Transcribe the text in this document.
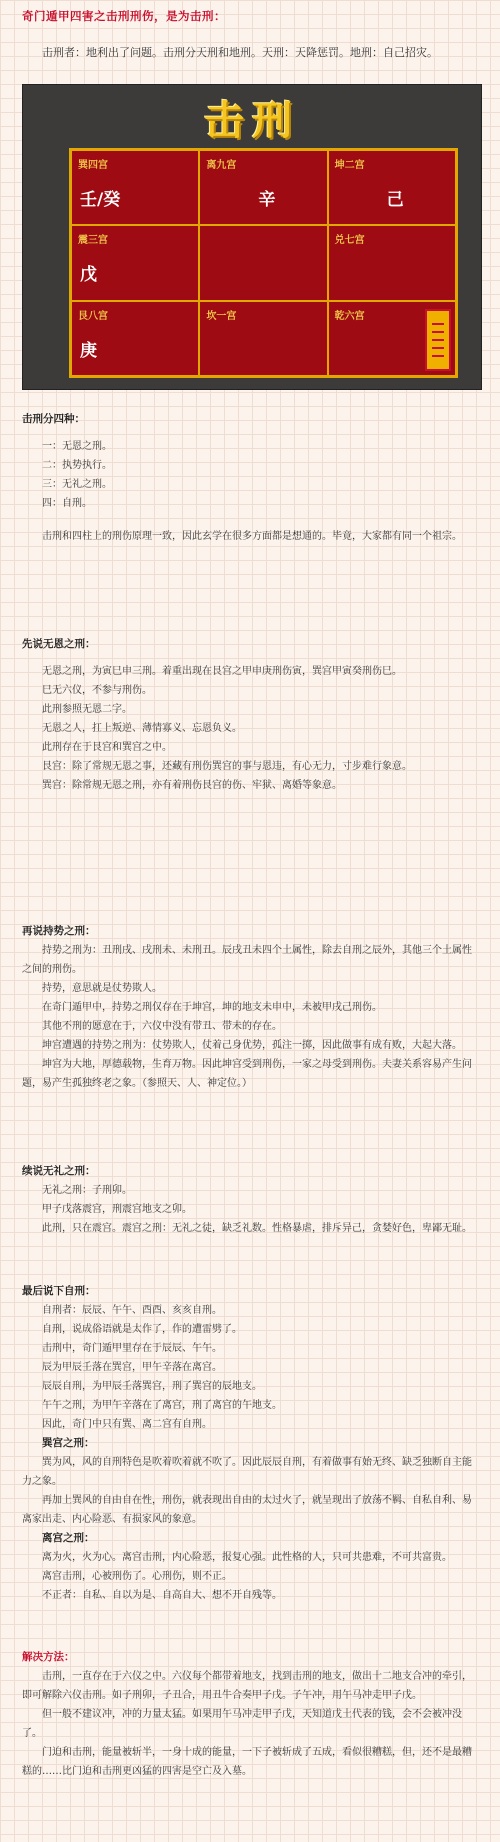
奇门遁甲四害之击刑刑伤，是为击刑：
击刑者：地利出了问题。击刑分天刑和地刑。天刑：天降惩罚。地刑：自己招灾。
击刑
巽四宫
壬/癸
离九宫
辛
坤二宫
己
震三宫
戊
兑七宫
艮八宫
庚
坎一宫	乾六宫

击刑分四种：

一：无恩之刑。

二：执势执行。

三：无礼之刑。

四：自刑。

击刑和四柱上的刑伤原理一致，因此玄学在很多方面都是想通的。毕竟，大家都有同一个祖宗。

先说无恩之刑：

无恩之刑，为寅巳申三刑。着重出现在艮宫之甲申庚刑伤寅，巽宫甲寅癸刑伤巳。

巳无六仪，不参与刑伤。

此刑参照无恩二字。

无恩之人，扛上叛逆、薄情寡义、忘恩负义。

此刑存在于艮宫和巽宫之中。

艮宫：除了常规无恩之事，还藏有刑伤巽宫的事与恩违，有心无力，寸步难行象意。

巽宫：除常规无恩之刑，亦有着刑伤艮宫的伤、牢狱、离婚等象意。

再说持势之刑：

持势之刑为：丑刑戌、戌刑未、未刑丑。辰戌丑未四个土属性，除去自刑之辰外，其他三个土属性之间的刑伤。

持势，意思就是仗势欺人。

在奇门遁甲中，持势之刑仅存在于坤宫，坤的地支未申中，未被甲戌己刑伤。

其他不刑的愿意在于，六仪中没有带丑、带未的存在。

坤宫遭遇的持势之刑为：仗势欺人，仗着己身优势，孤注一掷，因此做事有成有败，大起大落。

坤宫为大地，厚德载物，生育万物。因此坤宫受到刑伤，一家之母受到刑伤。夫妻关系容易产生问题，易产生孤独终老之象。（参照天、人、神定位。）

续说无礼之刑：

无礼之刑：子刑卯。

甲子戊落震宫，刑震宫地支之卯。

此刑，只在震宫。震宫之刑：无礼之徒，缺乏礼数。性格暴虐，排斥异己，贪婪好色，卑鄙无耻。

最后说下自刑：

自刑者：辰辰、午午、酉酉、亥亥自刑。

自刑，说成俗语就是太作了，作的遭雷劈了。

击刑中，奇门遁甲里存在于辰辰、午午。

辰为甲辰壬落在巽宫，甲午辛落在离宫。

辰辰自刑，为甲辰壬落巽宫，刑了巽宫的辰地支。

午午之刑，为甲午辛落在了离宫，刑了离宫的午地支。

因此，奇门中只有巽、离二宫有自刑。

巽宫之刑：

巽为风，风的自刑特色是吹着吹着就不吹了。因此辰辰自刑，有着做事有始无终、缺乏独断自主能力之象。

再加上巽风的自由自在性，刑伤，就表现出自由的太过火了，就呈现出了放荡不羁、自私自利、易离家出走、内心险恶、有损家风的象意。

离宫之刑：

离为火，火为心。离宫击刑，内心险恶，报复心强。此性格的人，只可共患难，不可共富贵。

离宫击刑，心被刑伤了。心刑伤，则不正。

不正者：自私、自以为是、自高自大、想不开自残等。

解决方法：

击刑，一直存在于六仪之中。六仪每个都带着地支，找到击刑的地支，做出十二地支合冲的牵引，即可解除六仪击刑。如子刑卯，子丑合，用丑牛合奏甲子戊。子午冲，用午马冲走甲子戊。

但一般不建议冲，冲的力量太猛。如果用午马冲走甲子戊，天知道戊土代表的钱，会不会被冲没了。

门迫和击刑，能量被斩半，一身十成的能量，一下子被斩成了五成，看似很糟糕，但，还不是最糟糕的……比门迫和击刑更凶猛的四害是空亡及入墓。
